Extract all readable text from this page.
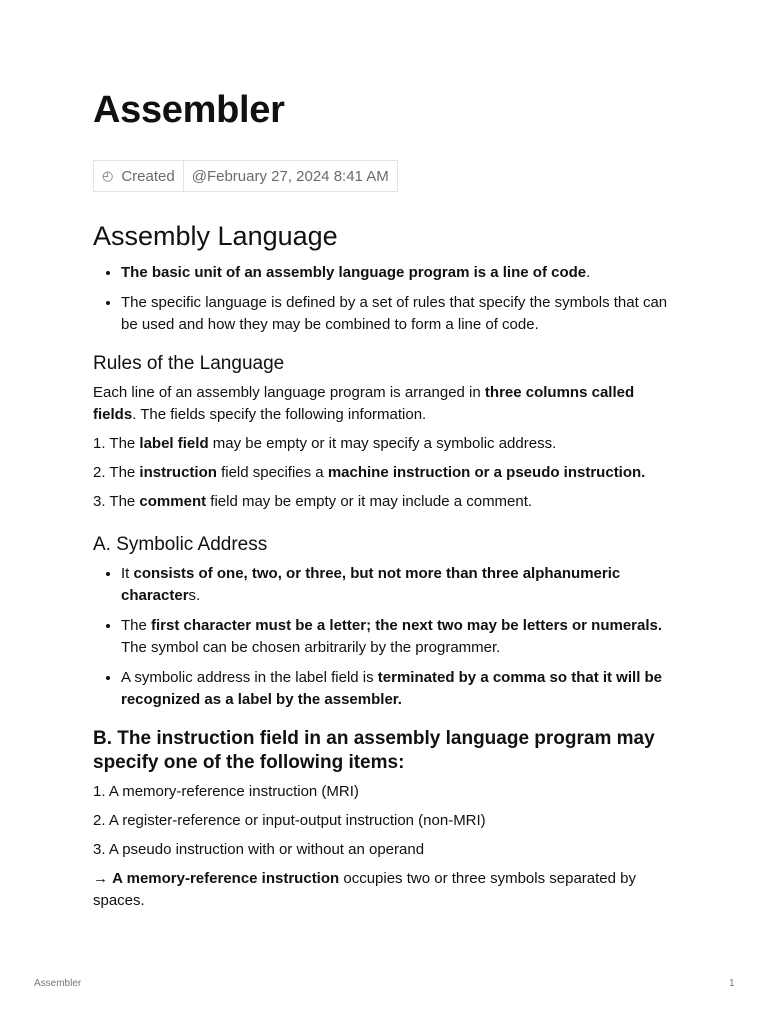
Assembler
◴ Created @February 27, 2024 8:41 AM
Assembly Language
• The basic unit of an assembly language program is a line of code.
• The specific language is defined by a set of rules that specify the symbols that can be used and how they may be combined to form a line of code.
Rules of the Language

Each line of an assembly language program is arranged in three columns called fields. The fields specify the following information.

1. The label field may be empty or it may specify a symbolic address.

2. The instruction field specifies a machine instruction or a pseudo instruction.

3. The comment field may be empty or it may include a comment.

A. Symbolic Address
• It consists of one, two, or three, but not more than three alphanumeric characters.
• The first character must be a letter; the next two may be letters or numerals. The symbol can be chosen arbitrarily by the programmer.
• A symbolic address in the label field is terminated by a comma so that it will be recognized as a label by the assembler.
B. The instruction field in an assembly language program may specify one of the following items:

1. A memory-reference instruction (MRI)

2. A register-reference or input-output instruction (non-MRI)

3. A pseudo instruction with or without an operand

→ A memory-reference instruction occupies two or three symbols separated by spaces.

Assembler	1
